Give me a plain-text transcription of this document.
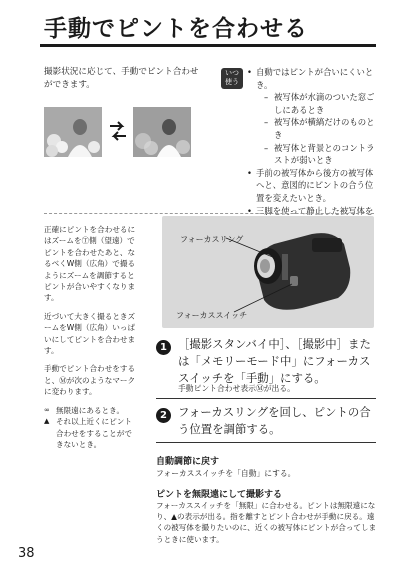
手動でピントを合わせる
撮影状況に応じて、手動でピント合わせができます。
いつ
使う
• 自動ではピントが合いにくいとき。
– 被写体が水滴のついた窓ごしにあるとき
– 被写体が横縞だけのものとき
– 被写体と背景とのコントラストが弱いとき
• 手前の被写体から後方の被写体へと、意図的にピントの合う位置を変えたいとき。
• 三脚を使って静止した被写体を

正確にピントを合わせるにはズームをⓉ側（望遠）でピントを合わせたあと、なるべくW側（広角）で撮るようにズームを調節するとピントが合いやすくなります。

近づいて大きく撮るときズームをW側（広角）いっぱいにしてピントを合わせます。

手動でピント合わせをすると、Ⓜが次のようなマークに変わります。

∞ 無限遠にあるとき。
▲ それ以上近くにピント合わせをすることができないとき。
フォーカスリング
フォーカススイッチ
1 ［撮影スタンバイ中］、［撮影中］または「メモリーモード中」にフォーカススイッチを「手動」にする。
手動ピント合わせ表示Ⓜが出る。
2 フォーカスリングを回し、ピントの合う位置を調節する。
自動調節に戻す
フォーカススイッチを「自動」にする。
ピントを無限遠にして撮影する
フォーカススイッチを「無限」に合わせる。ピントは無限遠になり、▲の表示が出る。指を離すとピント合わせが手動に戻る。遠くの被写体を撮りたいのに、近くの被写体にピントが合ってしまうときに使います。
38
